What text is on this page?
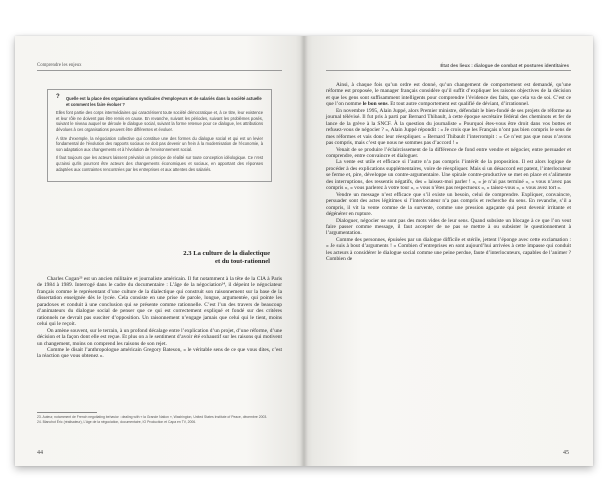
Comprendre les enjeux
? Quelle est la place des organisations syndicales d’employeurs et de salariés dans la société actuelle et comment les faire évoluer ?

Elles font partie des corps intermédiaires qui caractérisent toute société démocratique et, à ce titre, leur existence et leur rôle ne doivent pas être remis en cause. En revanche, suivant les périodes, suivant les problèmes posés, suivant le niveau auquel se déroule le dialogue social, suivant la forme retenue pour ce dialogue, les attributions dévolues à ces organisations peuvent être différentes et évoluer.

À titre d’exemple, la négociation collective qui constitue une des formes du dialogue social et qui est un levier fondamental de l’évolution des rapports sociaux ne doit pas devenir un frein à la modernisation de l’économie, à son adaptation aux changements et à l’évolution de l’environnement social.

Il faut toujours que les acteurs laissent prévaloir un principe de réalité sur toute conception idéologique. Ce n’est qu’ainsi qu’ils pourront être acteurs des changements économiques et sociaux, en apportant des réponses adaptées aux contraintes rencontrées par les entreprises et aux attentes des salariés.

2.3 La culture de la dialectique
et du tout-rationnel

Charles Cogan²³ est un ancien militaire et journaliste américain. Il fut notamment à la tête de la CIA à Paris de 1984 à 1989. Interrogé dans le cadre du documentaire : L’âge de la négociation²⁴, il dépeint le négociateur français comme le représentant d’une culture de la dialectique qui construit son raisonnement sur la base de la dissertation enseignée dès le lycée. Cela consiste en une prise de parole, longue, argumentée, qui pointe les paradoxes et conduit à une conclusion qui se présente comme rationnelle. C’est l’un des travers de beaucoup d’animateurs du dialogue social de penser que ce qui est correctement expliqué et fondé sur des critères rationnels ne devrait pas susciter d’opposition. Un raisonnement n’engage jamais que celui qui le tient, moins celui qui le reçoit.

On amène souvent, sur le terrain, à un profond décalage entre l’explication d’un projet, d’une réforme, d’une décision et la façon dont elle est reçue. Et plus on a le sentiment d’avoir été exhaustif sur les raisons qui motivent un changement, moins on comprend les raisons de son rejet.

Comme le disait l’anthropologue américain Gregory Bateson, « le véritable sens de ce que vous dites, c’est la réaction que vous obtenez ».

23. Auteur, notamment de French negotiating behavior : dealing with « la Grande Nation », Washington, United States Institute of Peace, décembre 2003.

24. Blanchot Éric (réalisateur), L’âge de la négociation, documentaire, IO Production et Capa en TV, 2006.

44
État des lieux : dialogue de combat et postures identitaires

Ainsi, à chaque fois qu’un ordre est donné, qu’un changement de comportement est demandé, qu’une réforme est proposée, le manager français considère qu’il suffit d’expliquer les raisons objectives de la décision et que les gens sont suffisamment intelligents pour comprendre l’évidence des faits, que cela va de soi. C’est ce que l’on nomme le bon sens. Et tout autre comportement est qualifié de déviant, d’irrationnel.

En novembre 1995, Alain Juppé, alors Premier ministre, défendait le bien-fondé de ses projets de réforme au journal télévisé. Il fut pris à parti par Bernard Thibault, à cette époque secrétaire fédéral des cheminots et fer de lance de la grève à la SNCF. À la question du journaliste « Pourquoi êtes-vous être droit dans vos bottes et refusez-vous de négocier ? », Alain Juppé répondit : « Je crois que les Français n’ont pas bien compris le sens de mes réformes et vais donc leur réexpliquer. » Bernard Thibault l’interrompit : « Ce n’est pas que nous n’avons pas compris, mais c’est que nous ne sommes pas d’accord ! »

Venait de se produire l’éclaircissement de la différence de fond entre vendre et négocier, entre persuader et comprendre, entre convaincre et dialoguer.

La vente est utile et efficace si l’autre n’a pas compris l’intérêt de la proposition. Il est alors logique de procéder à des explications supplémentaires, voire de réexpliquer. Mais si un désaccord est patent, l’interlocuteur se ferme et, pire, développe un contre-argumentaire. Une spirale contre-productive se met en place et s’alimente des interruptions, des ressentis négatifs, des « laissez-moi parler ! », « je n’ai pas terminé », « vous n’avez pas compris », « vous parlerez à votre tour », « vous n’êtes pas respectueux », « taisez-vous », « vous avez tort ».

Vendre un message n’est efficace que s’il existe un besoin, celui de comprendre. Expliquer, convaincre, persuader sont des actes légitimes si l’interlocuteur n’a pas compris et recherche du sens. En revanche, s’il a compris, il vit la vente comme de la survente, comme une pression agaçante qui peut devenir irritante et dégénérer en rupture.

Dialoguer, négocier ne sont pas des mots vides de leur sens. Quand subsiste un blocage à ce que l’on veut faire passer comme message, il faut accepter de ne pas se mettre à ou subsister le questionnement à l’argumentation.

Comme des personnes, épuisées par un dialogue difficile et stérile, jettent l’éponge avec cette exclamation : « Je suis à bout d’arguments ! » Combien d’entreprises en sont aujourd’hui arrivées à cette impasse qui conduit les acteurs à considérer le dialogue social comme une peine perdue, faute d’interlocuteurs, capables de l’animer ? Combien de

45
